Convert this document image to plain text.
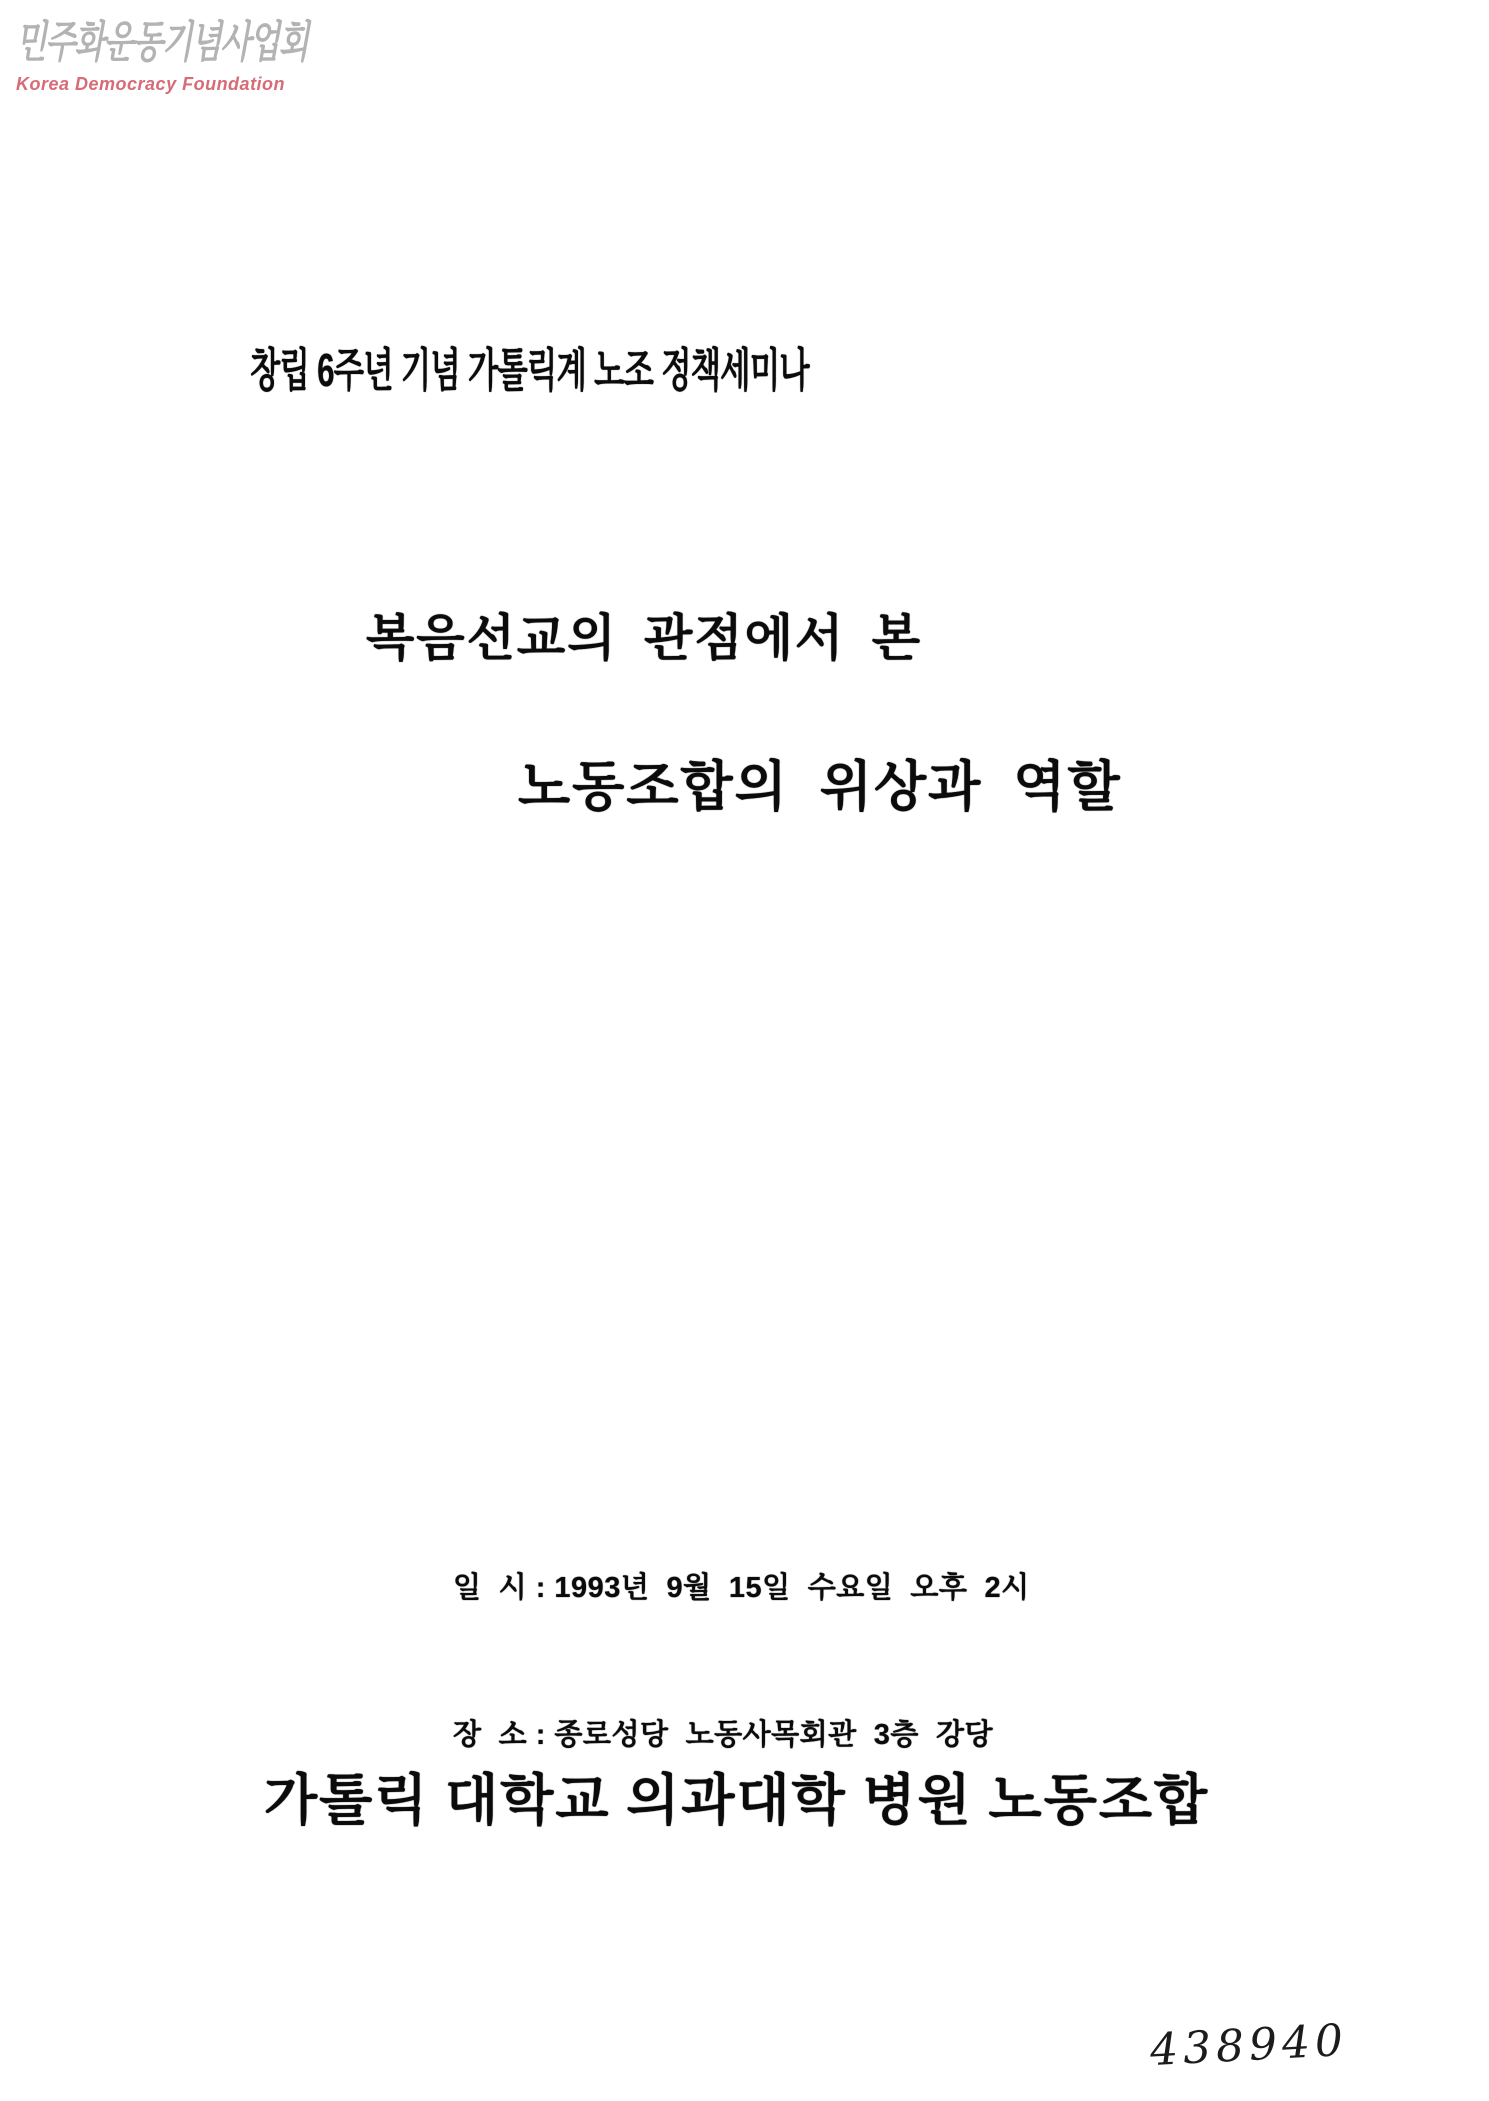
민주화운동기념사업회
Korea Democracy Foundation
창립 6주년 기념 가톨릭계 노조 정책세미나
복음선교의 관점에서 본
노동조합의  위상과  역할

일  시 : 1993년  9월  15일  수요일  오후  2시

장  소 : 종로성당  노동사목회관  3층  강당

가톨릭 대학교 의과대학 병원 노동조합
438940
